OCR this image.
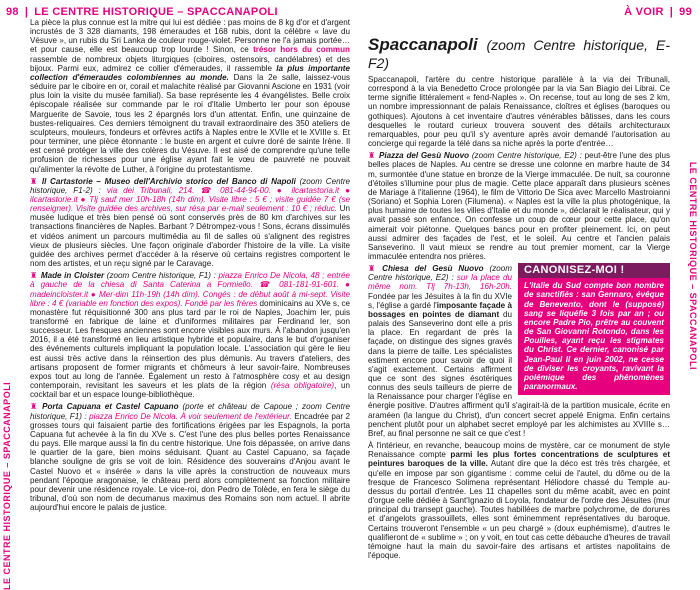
98 | LE CENTRE HISTORIQUE – SPACCANAPOLI	À VOIR | 99
LE CENTRE HISTORIQUE – SPACCANAPOLI
LE CENTRE HISTORIQUE – SPACCANAPOLI

La pièce la plus connue est la mitre qui lui est dédiée : pas moins de 8 kg d'or et d'argent incrustés de 3 328 diamants, 198 émeraudes et 168 rubis, dont la célèbre « lave du Vésuve », un rubis du Sri Lanka de couleur rouge-violet. Personne ne l'a jamais portée… et pour cause, elle est beaucoup trop lourde ! Sinon, ce trésor hors du commun rassemble de nombreux objets liturgiques (ciboires, ostensoirs, candélabres) et des bijoux. Parmi eux, admirez ce collier d'émeraudes, il rassemble la plus importante collection d'émeraudes colombiennes au monde. Dans la 2e salle, laissez-vous séduire par le ciboire en or, corail et malachite réalisé par Giovanni Ascione en 1931 (voir plus loin la visite du musée familial). Sa base représente les 4 évangélistes. Belle croix épiscopale réalisée sur commande par le roi d'Italie Umberto Ier pour son épouse Marguerite de Savoie, tous les 2 épargnés lors d'un attentat. Enfin, une quinzaine de bustes-reliquaires. Ces derniers témoignent du travail extraordinaire des 350 ateliers de sculpteurs, mouleurs, fondeurs et orfèvres actifs à Naples entre le XVIIe et le XVIIIe s. Et pour terminer, une pièce étonnante : le buste en argent et cuivre doré de sainte Irène. Il est censé protéger la ville des colères du Vésuve. Il est aisé de comprendre qu'une telle profusion de richesses pour une église ayant fait le vœu de pauvreté ne pouvait qu'alimenter la révolte de Luther, à l'origine du protestantisme.

♜ Il Cartastorie – Museo dell'Archivio storico del Banco di Napoli (zoom Centre historique, F1-2) : via dei Tribunali, 214. ☎ 081-44-94-00. ● ilcartastoria.it ● ilcartastorie.it ● Tlj sauf mer 10h-18h (14h dim). Visite libre : 5 € ; visite guidée 7 € (se renseigner). Visite guidée des archives, sur résa par e-mail seulement : 10 € ; réduc. Un musée ludique et très bien pensé où sont conservés près de 80 km d'archives sur les transactions financières de Naples. Barbant ? Détrompez-vous ! Sons, écrans dissimulés et vidéos animent un parcours multimédia au fil de salles où s'alignent des registres vieux de plusieurs siècles. Une façon originale d'aborder l'histoire de la ville. La visite guidée des archives permet d'accéder à la réserve où certains registres comportent le nom des artistes, et un reçu signé par le Caravage.

♜ Made in Cloister (zoom Centre historique, F1) : piazza Enrico De Nicola, 48 ; entrée à gauche de la chiesa di Santa Caterina a Formiello. ☎ 081-181-91-601. ● madeincloister.it ● Mer-dim 11h-19h (14h dim). Congés : de début août à mi-sept. Visite libre : 4 € (variable en fonction des expos). Fondé par les frères dominicains au XVe s, ce monastère fut réquisitionné 300 ans plus tard par le roi de Naples, Joachim Ier, puis transformé en fabrique de laine et d'uniformes militaires par Ferdinand Ier, son successeur. Les fresques anciennes sont encore visibles aux murs. À l'abandon jusqu'en 2016, il a été transformé en lieu artistique hybride et populaire, dans le but d'organiser des événements culturels impliquant la population locale. L'association qui gère le lieu est aussi très active dans la réinsertion des plus démunis. Au travers d'ateliers, des artisans proposent de former migrants et chômeurs à leur savoir-faire. Nombreuses expos tout au long de l'année. Également un resto à l'atmosphère cosy et au design contemporain, revisitant les saveurs et les plats de la région (résa obligatoire), un cocktail bar et un espace lounge-bibliothèque.

♜ Porta Capuana et Castel Capuano (porte et château de Capoue ; zoom Centre historique, F1) : piazza Enrico De Nicola. À voir seulement de l'extérieur. Encadrée par 2 grosses tours qui faisaient partie des fortifications érigées par les Espagnols, la porta Capuana fut achevée à la fin du XVe s. C'est l'une des plus belles portes Renaissance du pays. Elle marque aussi la fin du centre historique. Une fois dépassée, on arrive dans le quartier de la gare, bien moins séduisant. Quant au Castel Capuano, sa façade blanche souligne de gris se voit de loin. Résidence des souverains d'Anjou avant le Castel Nuovo et « insérée » dans la ville après la construction de nouveaux murs pendant l'époque aragonaise, le château perd alors complètement sa fonction militaire pour devenir une résidence royale. Le vice-roi, don Pedro de Tolède, en fera le siège du tribunal, d'où son nom de decumanus maximus des Romains son nom actuel. Il abrite aujourd'hui encore le palais de justice.

Spaccanapoli (zoom Centre historique, E-F2)

Spaccanapoli, l'artère du centre historique parallèle à la via dei Tribunali, correspond à la via Benedetto Croce prolongée par la via San Biagio dei Librai. Ce terme signifie littéralement « fend-Naples ». On recense, tout au long de ses 2 km, un nombre impressionnant de palais Renaissance, cloîtres et églises (baroques ou gothiques). Ajoutons à cet inventaire d'autres vénérables bâtisses, dans les cours desquelles le routard curieux trouvera souvent des détails architecturaux remarquables, pour peu qu'il s'y aventure après avoir demandé l'autorisation au concierge qui regarde la télé dans sa niche après la porte d'entrée…

♜ Piazza del Gesù Nuovo (zoom Centre historique, E2) : peut-être l'une des plus belles places de Naples. Au centre se dresse une colonne en marbre haute de 34 m, surmontée d'une statue en bronze de la Vierge immaculée. De nuit, sa couronne d'étoiles s'illumine pour plus de magie. Cette place apparaît dans plusieurs scènes de Mariage à l'italienne (1964), le film de Vittorio De Sica avec Marcello Mastroianni (Soriano) et Sophia Loren (Filumena). « Naples est la ville la plus photogénique, la plus humaine de toutes les villes d'Italie et du monde », déclarait le réalisateur, qui y avait passé son enfance. On confesse un coup de cœur pour cette place, qu'on aimerait voir piétonne. Quelques bancs pour en profiter pleinement. Ici, on peut aussi admirer des façades de l'est, et le soleil. Au centre et l'ancien palais Sanseverino. Il vaut mieux se rendre au tout premier moment, car la Vierge immaculée entendra nos prières.

CANONISEZ-MOI !
L'italie du Sud compte bon nombre de sanctifiés : san Gennaro, évêque de Benevento, dont le (supposé) sang se liquéfie 3 fois par an ; ou encore Padre Pio, prêtre au couvent de San Giovanni Rotondo, dans les Pouilles, ayant reçu les stigmates du Christ. Ce dernier, canonisé par Jean-Paul II en juin 2002, ne cesse de diviser les croyants, ravivant la polémique des phénomènes paranormaux.

♜ Chiesa del Gesù Nuovo (zoom Centre historique, E2) : sur la place du même nom. Tlj 7h-13h, 16h-20h. Fondée par les Jésuites à la fin du XVIe s, l'église a gardé l'imposante façade à bossages en pointes de diamant du palais des Sanseverino dont elle a pris la place. En regardant de près la façade, on distingue des signes gravés dans la pierre de taille. Les spécialistes estiment encore pour savoir de quoi il s'agit exactement. Certains affirment que ce sont des signes ésotériques connus des seuls tailleurs de pierre de la Renaissance pour charger l'église en énergie positive. D'autres affirment qu'il s'agirait-là de la partition musicale, écrite en araméen (la langue du Christ), d'un concert secret appelé Enigma. Enfin certains penchent plutôt pour un alphabet secret employé par les alchimistes au XVIIIe s… Bref, au final personne ne sait ce que c'est !

À l'intérieur, en revanche, beaucoup moins de mystère, car ce monument de style Renaissance compte parmi les plus fortes concentrations de sculptures et peintures baroques de la ville. Autant dire que la déco est très très chargée, et qu'elle en impose par son gigantisme : comme celui de l'autel, du dôme ou de la fresque de Francesco Solimena représentant Héliodore chassé du Temple au-dessus du portail d'entrée. Les 11 chapelles sont du même acabit, avec en point d'orgue celle dédiée à Sant'Ignazio di Loyola, fondateur de l'ordre des Jésuites (mur principal du transept gauche). Toutes habillées de marbre polychrome, de dorures et d'angelots grassouillets, elles sont éminemment représentatives du baroque. Certains trouveront l'ensemble « un peu chargé » (doux euphémisme), d'autres le qualifieront de « sublime » ; on y voit, en tout cas cette débauche d'heures de travail témoigne haut la main du savoir-faire des artisans et artistes napolitains de l'époque.
